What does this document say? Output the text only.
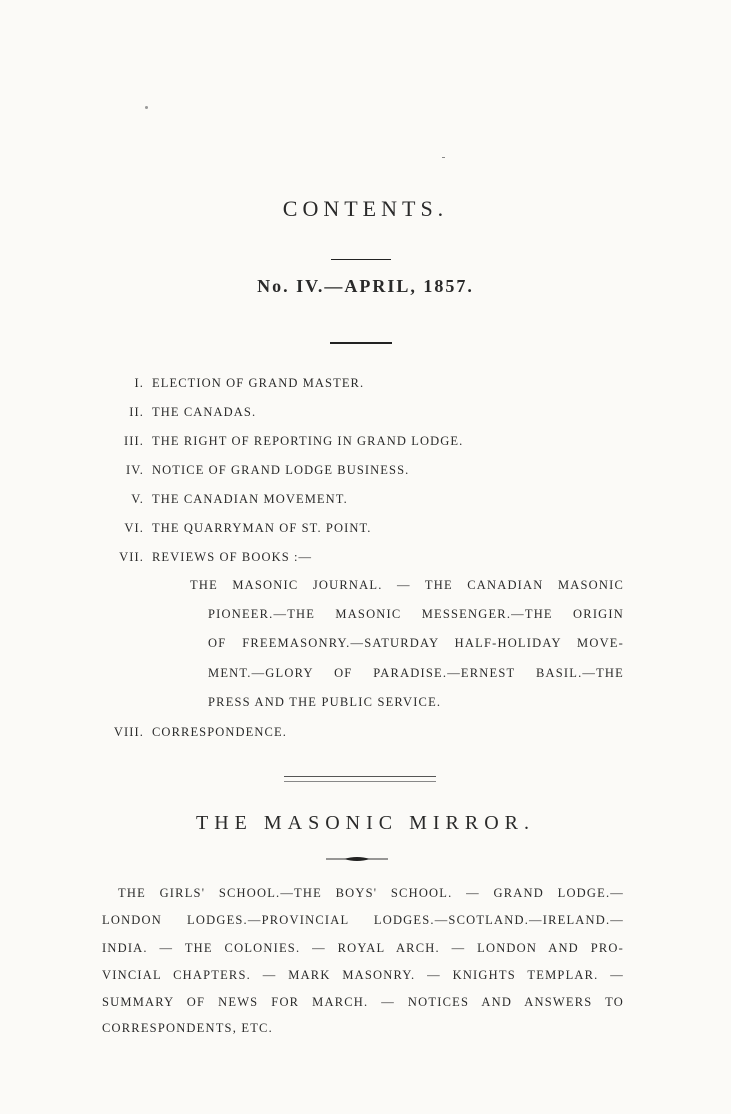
CONTENTS.
No. IV.—APRIL, 1857.
I. ELECTION OF GRAND MASTER.
II. THE CANADAS.
III. THE RIGHT OF REPORTING IN GRAND LODGE.
IV. NOTICE OF GRAND LODGE BUSINESS.
V. THE CANADIAN MOVEMENT.
VI. THE QUARRYMAN OF ST. POINT.
VII. REVIEWS OF BOOKS :—
THE MASONIC JOURNAL. — THE CANADIAN MASONIC
PIONEER.—THE MASONIC MESSENGER.—THE ORIGIN
OF FREEMASONRY.—SATURDAY HALF-HOLIDAY MOVE-
MENT.—GLORY OF PARADISE.—ERNEST BASIL.—THE
PRESS AND THE PUBLIC SERVICE.
VIII. CORRESPONDENCE.
THE MASONIC MIRROR.
THE GIRLS' SCHOOL.—THE BOYS' SCHOOL. — GRAND LODGE.—
LONDON LODGES.—PROVINCIAL LODGES.—SCOTLAND.—IRELAND.—
INDIA. — THE COLONIES. — ROYAL ARCH. — LONDON AND PRO-
VINCIAL CHAPTERS. — MARK MASONRY. — KNIGHTS TEMPLAR. —
SUMMARY OF NEWS FOR MARCH. — NOTICES AND ANSWERS TO
CORRESPONDENTS, ETC.
